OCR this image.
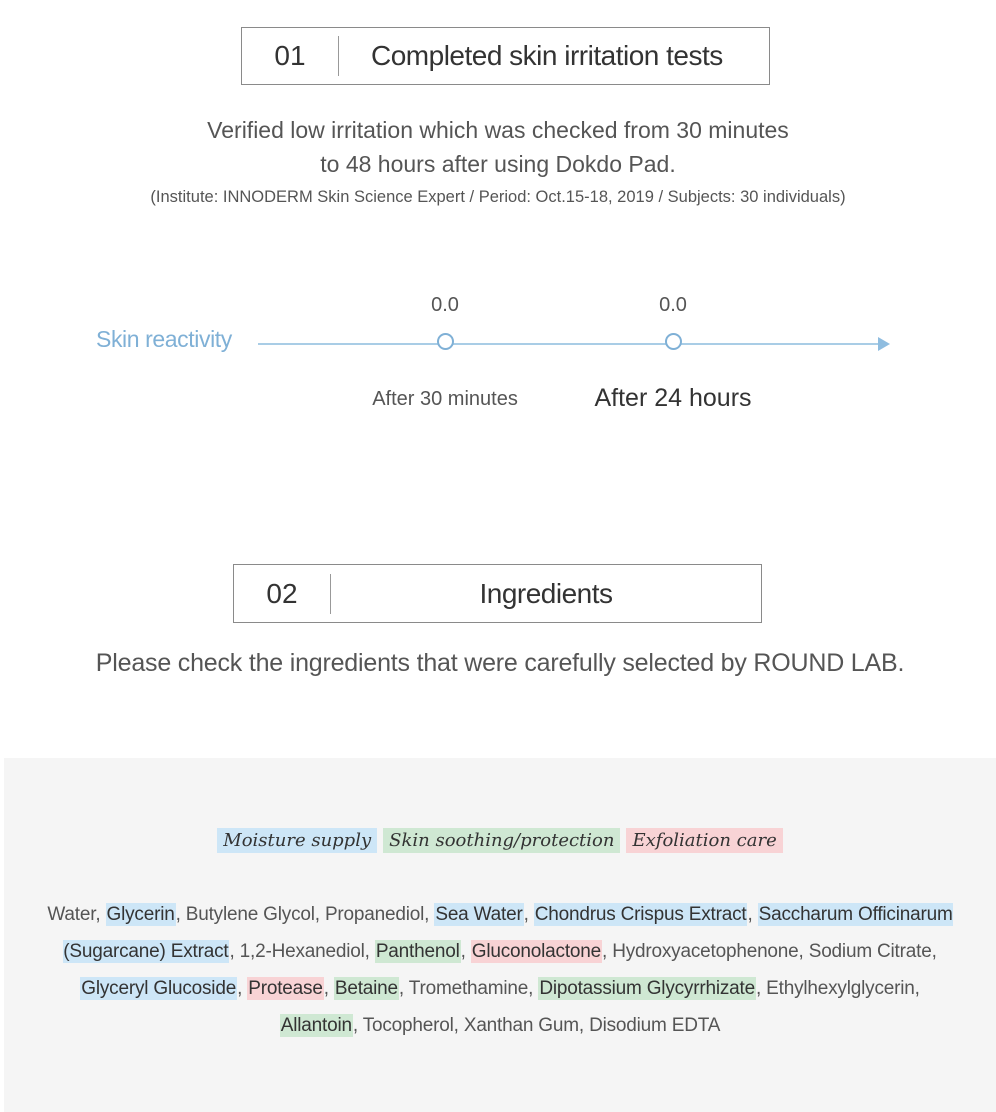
01	Completed skin irritation tests
Verified low irritation which was checked from 30 minutes
to 48 hours after using Dokdo Pad.
(Institute: INNODERM Skin Science Expert / Period: Oct.15-18, 2019 / Subjects: 30 individuals)
Skin reactivity
0.0	0.0
After 30 minutes	After 24 hours
02	Ingredients
Please check the ingredients that were carefully selected by ROUND LAB.
Moisture supply Skin soothing/protection Exfoliation care
Water, Glycerin, Butylene Glycol, Propanediol, Sea Water, Chondrus Crispus Extract, Saccharum Officinarum (Sugarcane) Extract, 1,2-Hexanediol, Panthenol, Gluconolactone, Hydroxyacetophenone, Sodium Citrate, Glyceryl Glucoside, Protease, Betaine, Tromethamine, Dipotassium Glycyrrhizate, Ethylhexylglycerin, Allantoin, Tocopherol, Xanthan Gum, Disodium EDTA
